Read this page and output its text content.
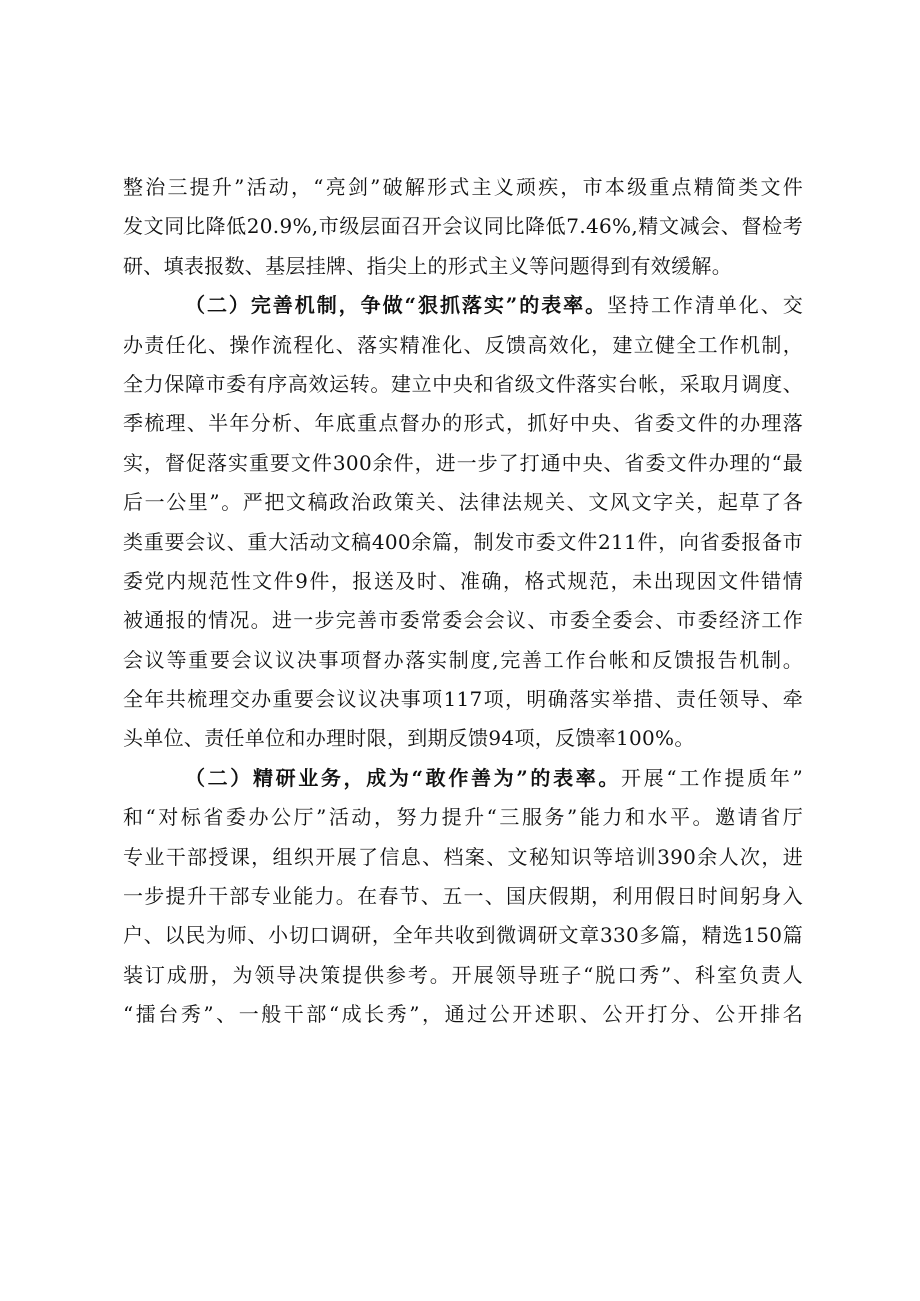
整治三提升”活动，“亮剑”破解形式主义顽疾，市本级重点精简类文件
发文同比降低20.9%,市级层面召开会议同比降低7.46%,精文减会、督检考
研、填表报数、基层挂牌、指尖上的形式主义等问题得到有效缓解。
（二）完善机制，争做“狠抓落实”的表率。坚持工作清单化、交
办责任化、操作流程化、落实精准化、反馈高效化，建立健全工作机制，
全力保障市委有序高效运转。建立中央和省级文件落实台帐，采取月调度、
季梳理、半年分析、年底重点督办的形式，抓好中央、省委文件的办理落
实，督促落实重要文件300余件，进一步了打通中央、省委文件办理的“最
后一公里”。严把文稿政治政策关、法律法规关、文风文字关，起草了各
类重要会议、重大活动文稿400余篇，制发市委文件211件，向省委报备市
委党内规范性文件9件，报送及时、准确，格式规范，未出现因文件错情
被通报的情况。进一步完善市委常委会会议、市委全委会、市委经济工作
会议等重要会议议决事项督办落实制度,完善工作台帐和反馈报告机制。
全年共梳理交办重要会议议决事项117项，明确落实举措、责任领导、牵
头单位、责任单位和办理时限，到期反馈94项，反馈率100%。
（二）精研业务，成为“敢作善为”的表率。开展“工作提质年”
和“对标省委办公厅”活动，努力提升“三服务”能力和水平。邀请省厅
专业干部授课，组织开展了信息、档案、文秘知识等培训390余人次，进
一步提升干部专业能力。在春节、五一、国庆假期，利用假日时间躬身入
户、以民为师、小切口调研，全年共收到微调研文章330多篇，精选150篇
装订成册，为领导决策提供参考。开展领导班子“脱口秀”、科室负责人
“擂台秀”、一般干部“成长秀”，通过公开述职、公开打分、公开排名
